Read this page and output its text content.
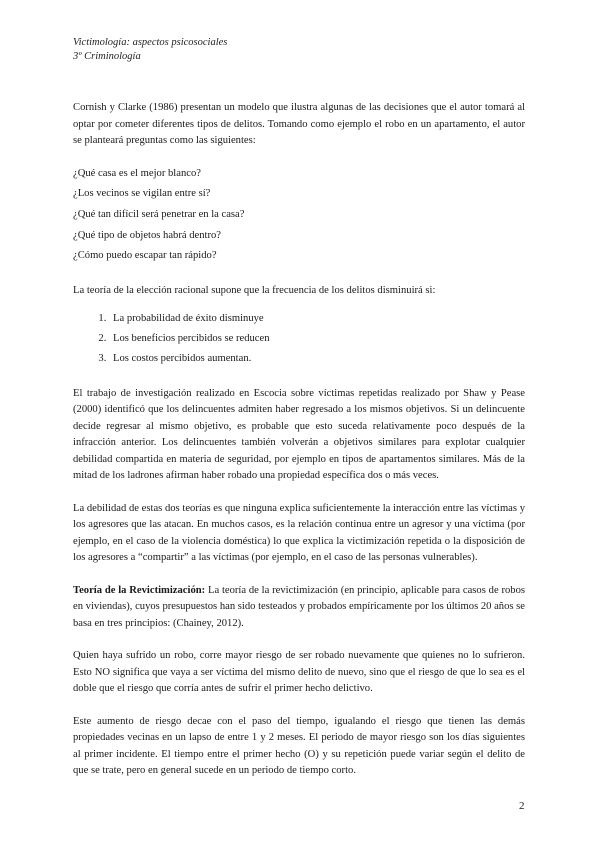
Victimología: aspectos psicosociales
3º Criminología

Cornish y Clarke (1986) presentan un modelo que ilustra algunas de las decisiones que el autor tomará al optar por cometer diferentes tipos de delitos. Tomando como ejemplo el robo en un apartamento, el autor se planteará preguntas como las siguientes:

¿Qué casa es el mejor blanco?

¿Los vecinos se vigilan entre sí?

¿Qué tan difícil será penetrar en la casa?

¿Qué tipo de objetos habrá dentro?

¿Cómo puedo escapar tan rápido?

La teoría de la elección racional supone que la frecuencia de los delitos disminuirá si:

1. La probabilidad de éxito disminuye
2. Los beneficios percibidos se reducen
3. Los costos percibidos aumentan.

El trabajo de investigación realizado en Escocia sobre víctimas repetidas realizado por Shaw y Pease (2000) identificó que los delincuentes admiten haber regresado a los mismos objetivos. Si un delincuente decide regresar al mismo objetivo, es probable que esto suceda relativamente poco después de la infracción anterior. Los delincuentes también volverán a objetivos similares para explotar cualquier debilidad compartida en materia de seguridad, por ejemplo en tipos de apartamentos similares. Más de la mitad de los ladrones afirman haber robado una propiedad específica dos o más veces.

La debilidad de estas dos teorías es que ninguna explica suficientemente la interacción entre las víctimas y los agresores que las atacan. En muchos casos, es la relación continua entre un agresor y una víctima (por ejemplo, en el caso de la violencia doméstica) lo que explica la victimización repetida o la disposición de los agresores a “compartir” a las víctimas (por ejemplo, en el caso de las personas vulnerables).

Teoría de la Revictimización: La teoría de la revictimización (en principio, aplicable para casos de robos en viviendas), cuyos presupuestos han sido testeados y probados empíricamente por los últimos 20 años se basa en tres principios: (Chainey, 2012).

Quien haya sufrido un robo, corre mayor riesgo de ser robado nuevamente que quienes no lo sufrieron. Esto NO significa que vaya a ser víctima del mismo delito de nuevo, sino que el riesgo de que lo sea es el doble que el riesgo que corría antes de sufrir el primer hecho delictivo.

Este aumento de riesgo decae con el paso del tiempo, igualando el riesgo que tienen las demás propiedades vecinas en un lapso de entre 1 y 2 meses. El periodo de mayor riesgo son los días siguientes al primer incidente. El tiempo entre el primer hecho (O) y su repetición puede variar según el delito de que se trate, pero en general sucede en un periodo de tiempo corto.

2
